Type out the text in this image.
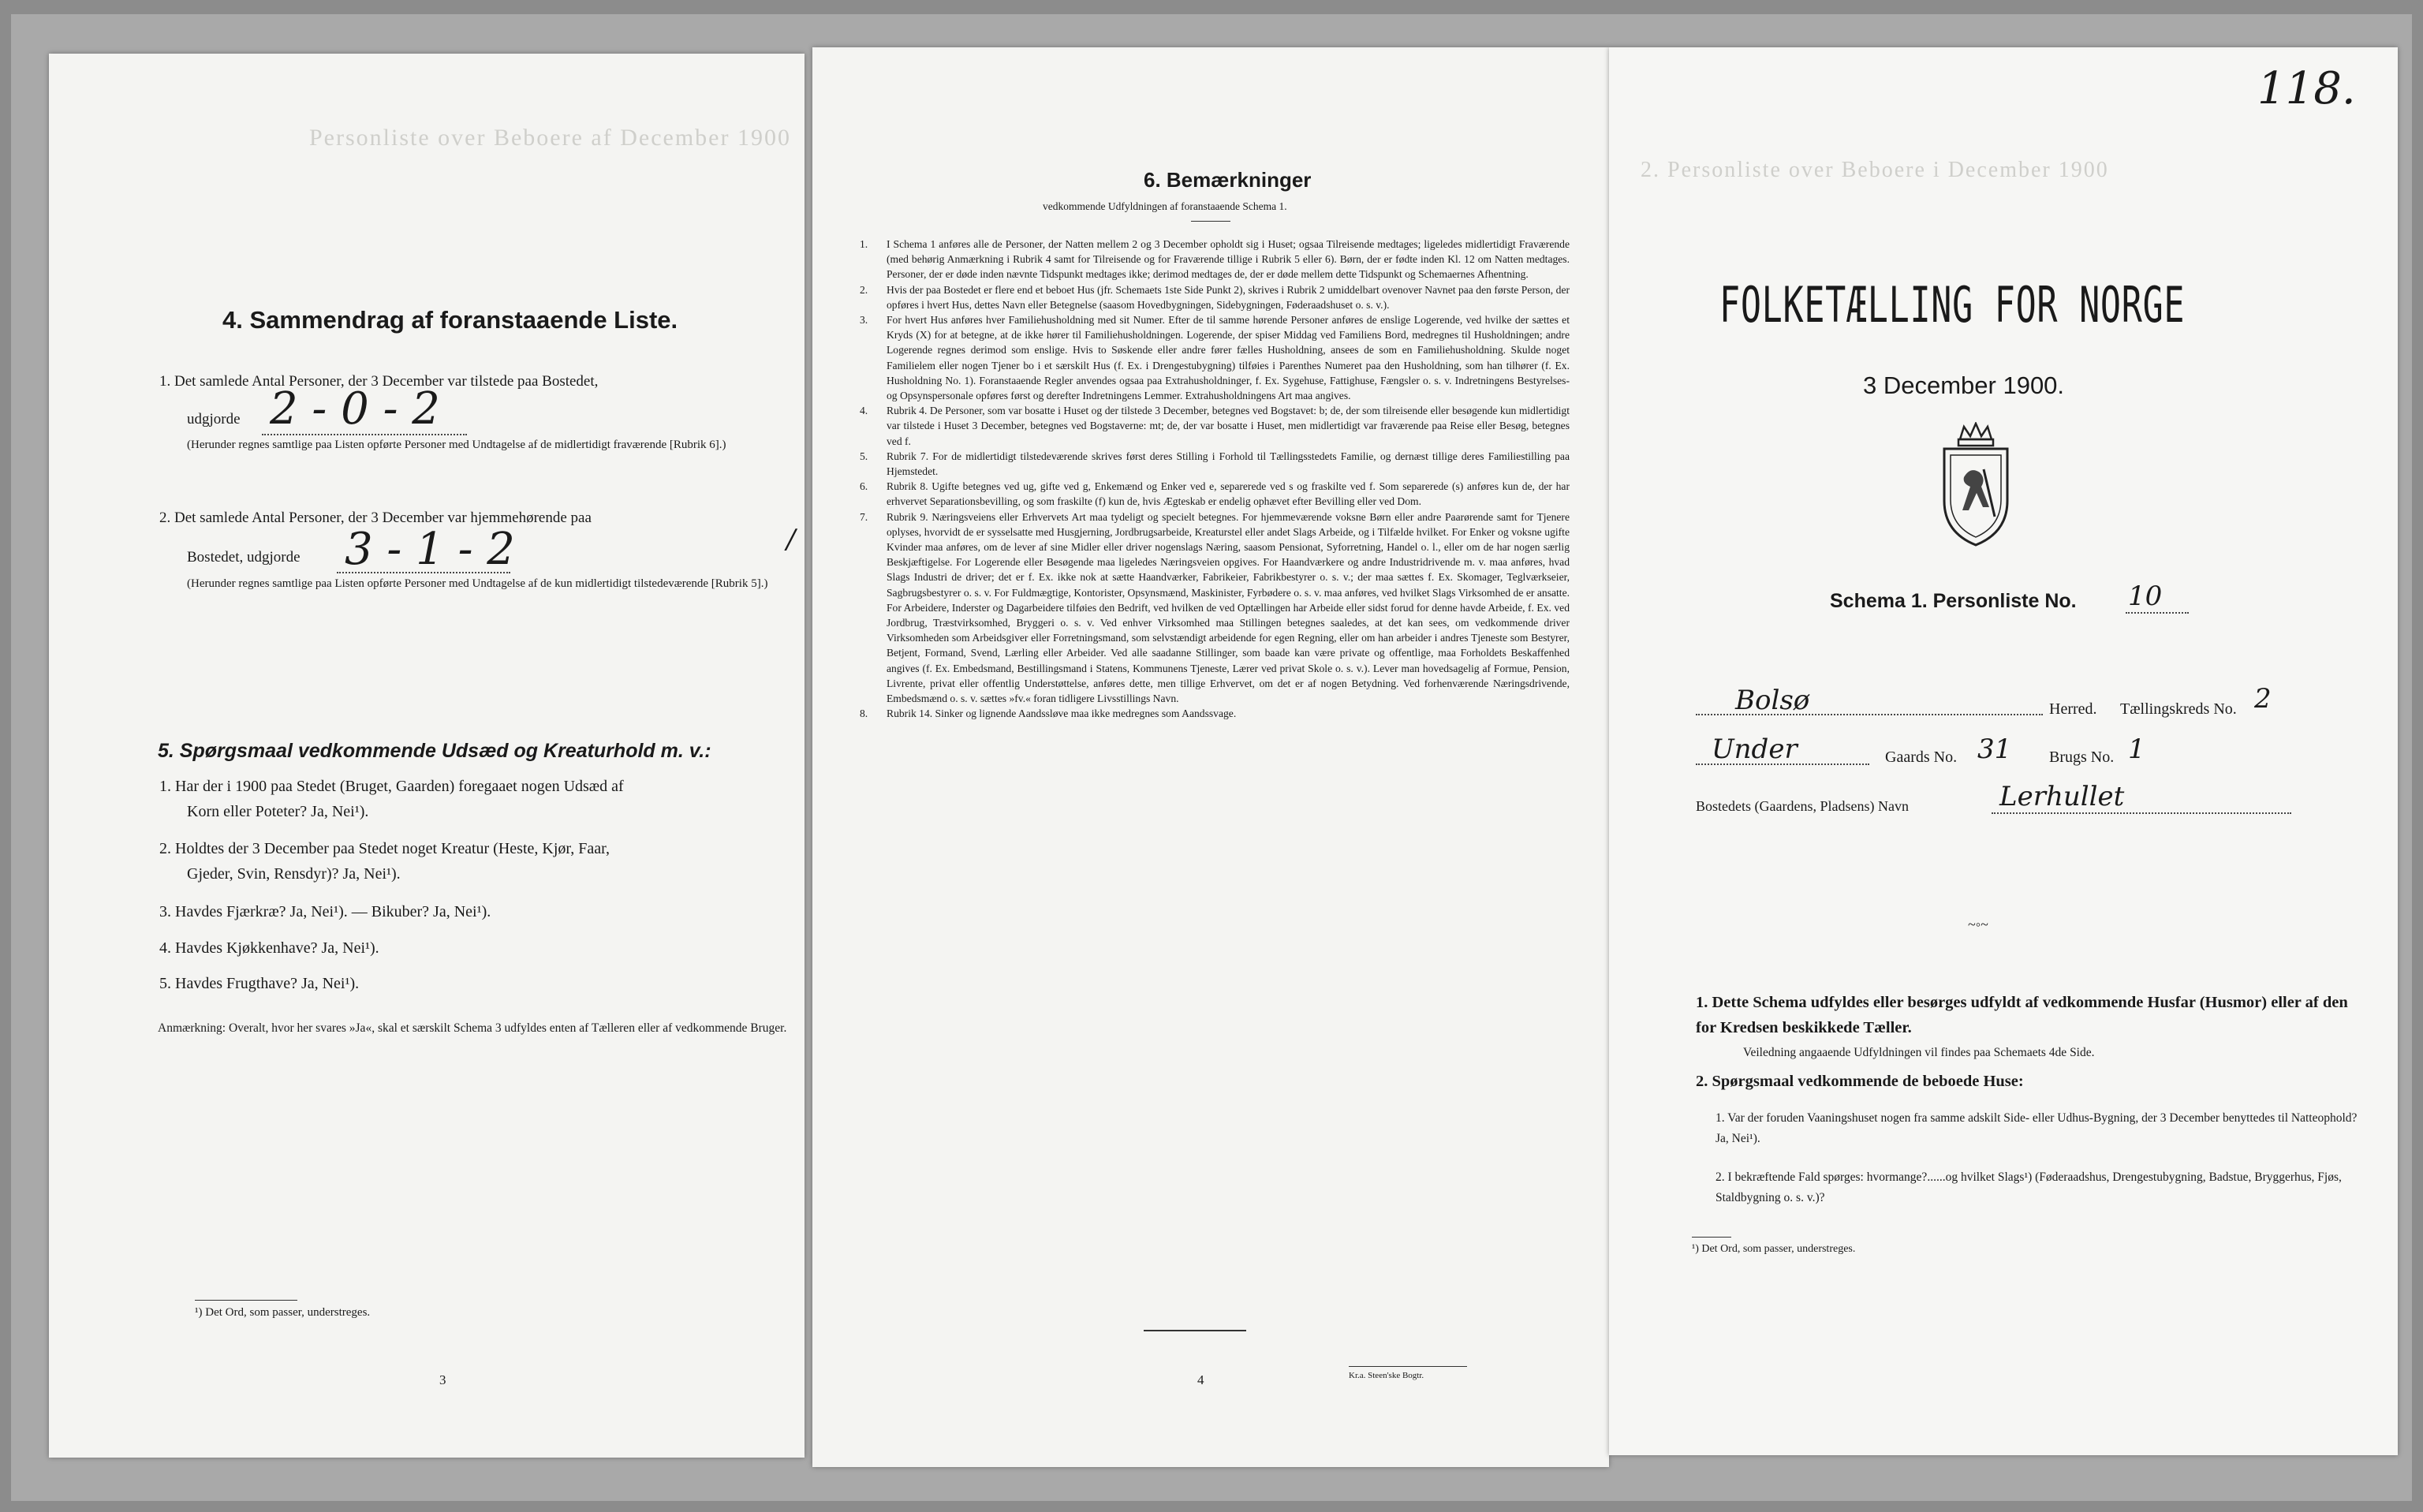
Personliste over Beboere af December 1900
4. Sammendrag af foranstaaende Liste.
1. Det samlede Antal Personer, der 3 December var tilstede paa Bostedet,
udgjorde 2 - 0 - 2
(Herunder regnes samtlige paa Listen opførte Personer med Undtagelse af de midlertidigt fraværende [Rubrik 6].)
2. Det samlede Antal Personer, der 3 December var hjemmehørende paa
Bostedet, udgjorde 3 - 1 - 2
(Herunder regnes samtlige paa Listen opførte Personer med Undtagelse af de kun midlertidigt tilstedeværende [Rubrik 5].)
/
5. Spørgsmaal vedkommende Udsæd og Kreaturhold m. v.:
1. Har der i 1900 paa Stedet (Bruget, Gaarden) foregaaet nogen Udsæd af
Korn eller Poteter? Ja, Nei¹).
2. Holdtes der 3 December paa Stedet noget Kreatur (Heste, Kjør, Faar,
Gjeder, Svin, Rensdyr)? Ja, Nei¹).
3. Havdes Fjærkræ? Ja, Nei¹). — Bikuber? Ja, Nei¹).
4. Havdes Kjøkkenhave? Ja, Nei¹).
5. Havdes Frugthave? Ja, Nei¹).
Anmærkning: Overalt, hvor her svares »Ja«, skal et særskilt Schema 3 udfyldes enten af Tælleren eller af vedkommende Bruger.
¹) Det Ord, som passer, understreges.
3
6. Bemærkninger
vedkommende Udfyldningen af foranstaaende Schema 1.
1. I Schema 1 anføres alle de Personer, der Natten mellem 2 og 3 December opholdt sig i Huset; ogsaa Tilreisende medtages; ligeledes midlertidigt Fraværende (med behørig Anmærkning i Rubrik 4 samt for Tilreisende og for Fraværende tillige i Rubrik 5 eller 6). Børn, der er fødte inden Kl. 12 om Natten medtages. Personer, der er døde inden nævnte Tidspunkt medtages ikke; derimod medtages de, der er døde mellem dette Tidspunkt og Schemaernes Afhentning.
2. Hvis der paa Bostedet er flere end et beboet Hus (jfr. Schemaets 1ste Side Punkt 2), skrives i Rubrik 2 umiddelbart ovenover Navnet paa den første Person, der opføres i hvert Hus, dettes Navn eller Betegnelse (saasom Hovedbygningen, Sidebygningen, Føderaadshuset o. s. v.).
3. For hvert Hus anføres hver Familiehusholdning med sit Numer. Efter de til samme hørende Personer anføres de enslige Logerende, ved hvilke der sættes et Kryds (X) for at betegne, at de ikke hører til Familiehusholdningen. Logerende, der spiser Middag ved Familiens Bord, medregnes til Husholdningen; andre Logerende regnes derimod som enslige. Hvis to Søskende eller andre fører fælles Husholdning, ansees de som en Familiehusholdning. Skulde noget Familielem eller nogen Tjener bo i et særskilt Hus (f. Ex. i Drengestubygning) tilføies i Parenthes Numeret paa den Husholdning, som han tilhører (f. Ex. Husholdning No. 1). Foranstaaende Regler anvendes ogsaa paa Extrahusholdninger, f. Ex. Sygehuse, Fattighuse, Fængsler o. s. v. Indretningens Bestyrelses- og Opsynspersonale opføres først og derefter Indretningens Lemmer. Extrahusholdningens Art maa angives.
4. Rubrik 4. De Personer, som var bosatte i Huset og der tilstede 3 December, betegnes ved Bogstavet: b; de, der som tilreisende eller besøgende kun midlertidigt var tilstede i Huset 3 December, betegnes ved Bogstaverne: mt; de, der var bosatte i Huset, men midlertidigt var fraværende paa Reise eller Besøg, betegnes ved f.
5. Rubrik 7. For de midlertidigt tilstedeværende skrives først deres Stilling i Forhold til Tællingsstedets Familie, og dernæst tillige deres Familiestilling paa Hjemstedet.
6. Rubrik 8. Ugifte betegnes ved ug, gifte ved g, Enkemænd og Enker ved e, separerede ved s og fraskilte ved f. Som separerede (s) anføres kun de, der har erhvervet Separationsbevilling, og som fraskilte (f) kun de, hvis Ægteskab er endelig ophævet efter Bevilling eller ved Dom.
7. Rubrik 9. Næringsveiens eller Erhvervets Art maa tydeligt og specielt betegnes. For hjemmeværende voksne Børn eller andre Paarørende samt for Tjenere oplyses, hvorvidt de er sysselsatte med Husgjerning, Jordbrugsarbeide, Kreaturstel eller andet Slags Arbeide, og i Tilfælde hvilket. For Enker og voksne ugifte Kvinder maa anføres, om de lever af sine Midler eller driver nogenslags Næring, saasom Pensionat, Syforretning, Handel o. l., eller om de har nogen særlig Beskjæftigelse. For Logerende eller Besøgende maa ligeledes Næringsveien opgives. For Haandværkere og andre Industridrivende m. v. maa anføres, hvad Slags Industri de driver; det er f. Ex. ikke nok at sætte Haandværker, Fabrikeier, Fabrikbestyrer o. s. v.; der maa sættes f. Ex. Skomager, Teglværkseier, Sagbrugsbestyrer o. s. v. For Fuldmægtige, Kontorister, Opsynsmænd, Maskinister, Fyrbødere o. s. v. maa anføres, ved hvilket Slags Virksomhed de er ansatte. For Arbeidere, Inderster og Dagarbeidere tilføies den Bedrift, ved hvilken de ved Optællingen har Arbeide eller sidst forud for denne havde Arbeide, f. Ex. ved Jordbrug, Træstvirksomhed, Bryggeri o. s. v. Ved enhver Virksomhed maa Stillingen betegnes saaledes, at det kan sees, om vedkommende driver Virksomheden som Arbeidsgiver eller Forretningsmand, som selvstændigt arbeidende for egen Regning, eller om han arbeider i andres Tjeneste som Bestyrer, Betjent, Formand, Svend, Lærling eller Arbeider. Ved alle saadanne Stillinger, som baade kan være private og offentlige, maa Forholdets Beskaffenhed angives (f. Ex. Embedsmand, Bestillingsmand i Statens, Kommunens Tjeneste, Lærer ved privat Skole o. s. v.). Lever man hovedsagelig af Formue, Pension, Livrente, privat eller offentlig Understøttelse, anføres dette, men tillige Erhvervet, om det er af nogen Betydning. Ved forhenværende Næringsdrivende, Embedsmænd o. s. v. sættes »fv.« foran tidligere Livsstillings Navn.
8. Rubrik 14. Sinker og lignende Aandssløve maa ikke medregnes som Aandssvage.
4	Kr.a. Steen'ske Bogtr.
2. Personliste over Beboere i December 1900
118.
FOLKETÆLLING FOR NORGE
3 December 1900.
Schema 1. Personliste No. 10
Bolsø	Herred. Tællingskreds No. 2
Under	Gaards No. 31 Brugs No. 1
Bostedets (Gaardens, Pladsens) Navn	Lerhullet
~◦~
1. Dette Schema udfyldes eller besørges udfyldt af vedkommende Husfar (Husmor) eller af den for Kredsen beskikkede Tæller.
Veiledning angaaende Udfyldningen vil findes paa Schemaets 4de Side.
2. Spørgsmaal vedkommende de beboede Huse:
1. Var der foruden Vaaningshuset nogen fra samme adskilt Side- eller Udhus-Bygning, der 3 December benyttedes til Natteophold? Ja, Nei¹).
2. I bekræftende Fald spørges: hvormange?......og hvilket Slags¹) (Føderaadshus, Drengestubygning, Badstue, Bryggerhus, Fjøs, Staldbygning o. s. v.)?
¹) Det Ord, som passer, understreges.
